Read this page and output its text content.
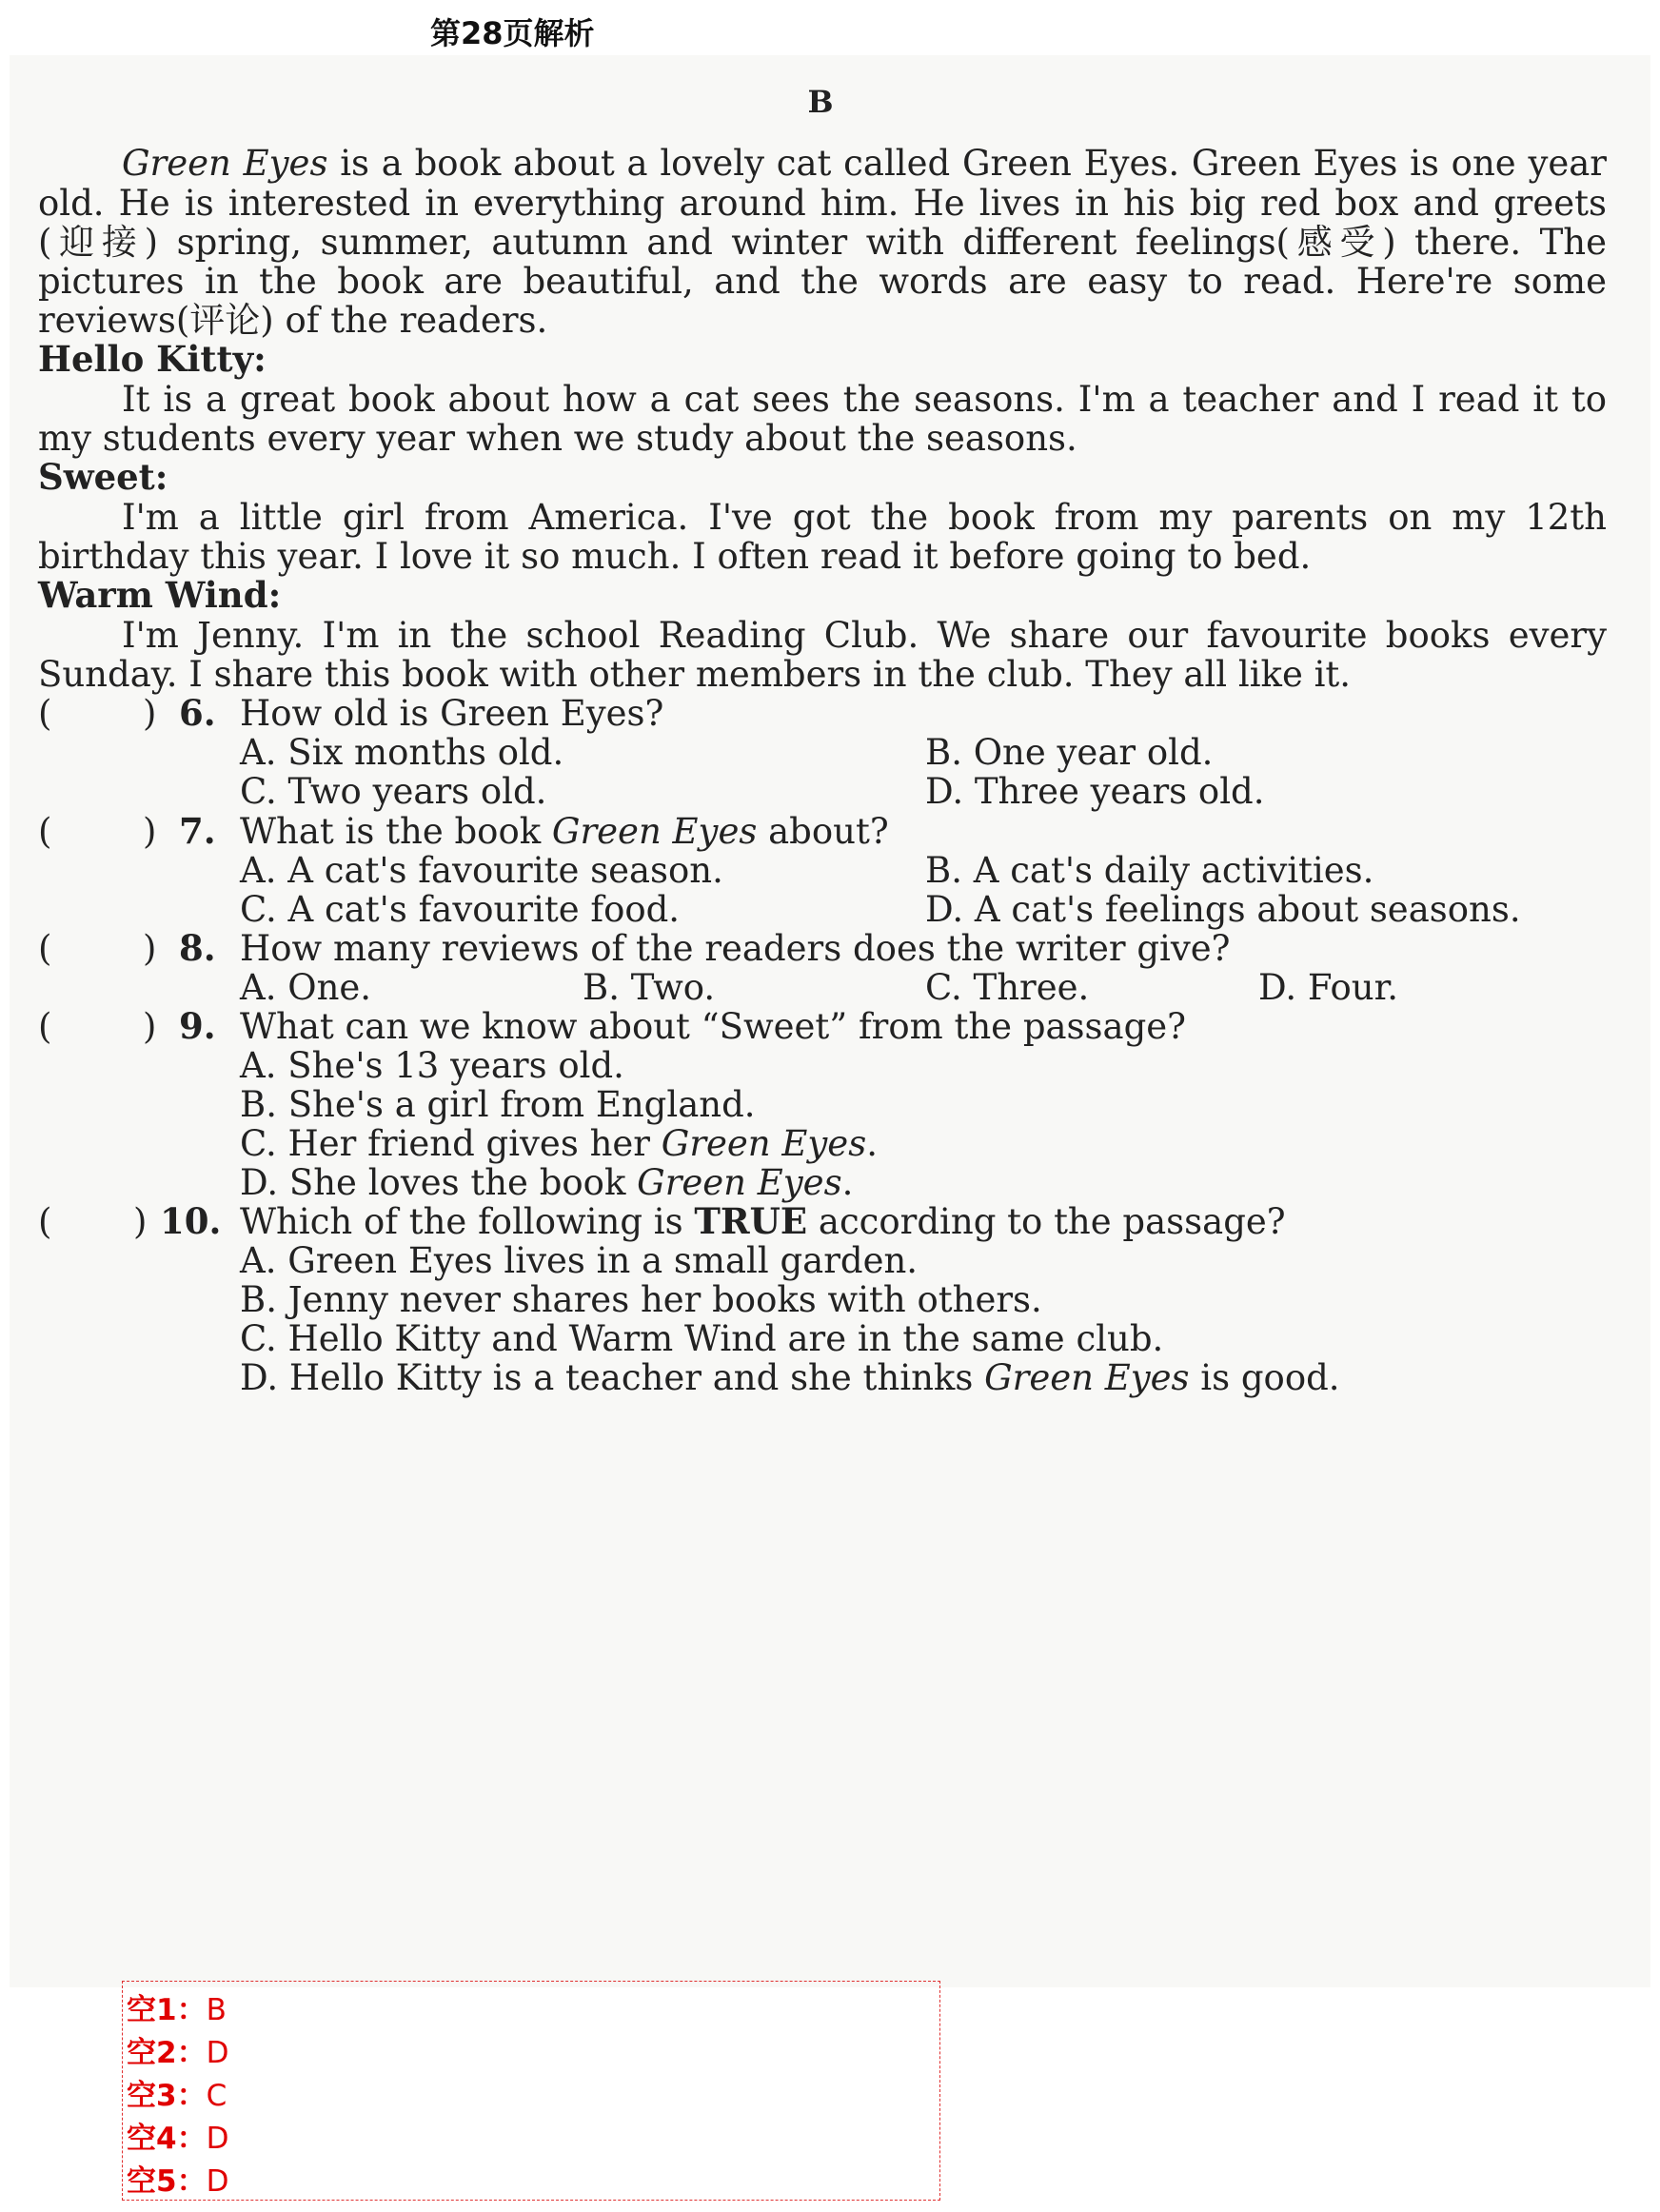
第28页解析
B
Green Eyes is a book about a lovely cat called Green Eyes. Green Eyes is one year
old. He is interested in everything around him. He lives in his big red box and greets
(迎接) spring, summer, autumn and winter with different feelings(感受) there. The
pictures in the book are beautiful, and the words are easy to read. Here're some
reviews(评论) of the readers.
Hello Kitty:
It is a great book about how a cat sees the seasons. I'm a teacher and I read it to
my students every year when we study about the seasons.
Sweet:
I'm a little girl from America. I've got the book from my parents on my 12th
birthday this year. I love it so much. I often read it before going to bed.
Warm Wind:
I'm Jenny. I'm in the school Reading Club. We share our favourite books every
Sunday. I share this book with other members in the club. They all like it.
(	) 6. How old is Green Eyes?
A. Six months old.	B. One year old.
C. Two years old.	D. Three years old.
(	) 7. What is the book Green Eyes about?
A. A cat's favourite season.	B. A cat's daily activities.
C. A cat's favourite food.	D. A cat's feelings about seasons.
(	) 8. How many reviews of the readers does the writer give?
A. One.	B. Two.	C. Three.	D. Four.
(	) 9. What can we know about “Sweet” from the passage?
A. She's 13 years old.
B. She's a girl from England.
C. Her friend gives her Green Eyes.
D. She loves the book Green Eyes.
( ) 10. Which of the following is TRUE according to the passage?
A. Green Eyes lives in a small garden.
B. Jenny never shares her books with others.
C. Hello Kitty and Warm Wind are in the same club.
D. Hello Kitty is a teacher and she thinks Green Eyes is good.
空1：B
空2：D
空3：C
空4：D
空5：D
